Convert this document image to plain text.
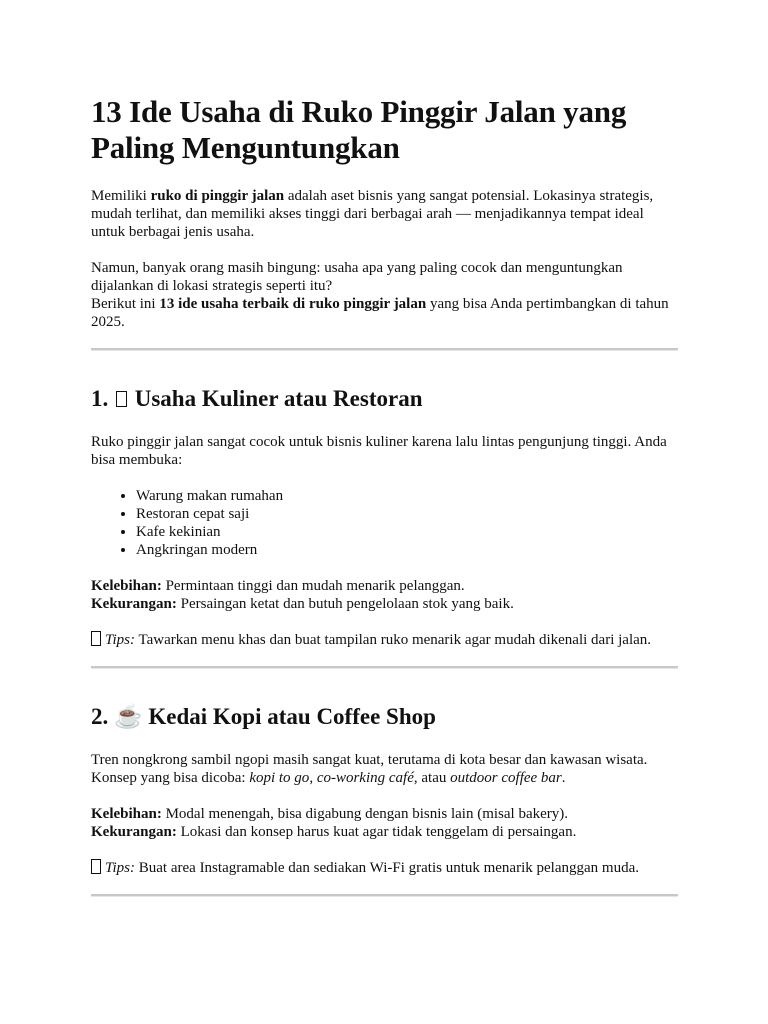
13 Ide Usaha di Ruko Pinggir Jalan yang Paling Menguntungkan

Memiliki ruko di pinggir jalan adalah aset bisnis yang sangat potensial. Lokasinya strategis, mudah terlihat, dan memiliki akses tinggi dari berbagai arah — menjadikannya tempat ideal untuk berbagai jenis usaha.

Namun, banyak orang masih bingung: usaha apa yang paling cocok dan menguntungkan dijalankan di lokasi strategis seperti itu?

Berikut ini 13 ide usaha terbaik di ruko pinggir jalan yang bisa Anda pertimbangkan di tahun 2025.

1. Usaha Kuliner atau Restoran

Ruko pinggir jalan sangat cocok untuk bisnis kuliner karena lalu lintas pengunjung tinggi. Anda bisa membuka:

• Warung makan rumahan
• Restoran cepat saji
• Kafe kekinian
• Angkringan modern

Kelebihan: Permintaan tinggi dan mudah menarik pelanggan.

Kekurangan: Persaingan ketat dan butuh pengelolaan stok yang baik.

Tips: Tawarkan menu khas dan buat tampilan ruko menarik agar mudah dikenali dari jalan.

2. ☕ Kedai Kopi atau Coffee Shop

Tren nongkrong sambil ngopi masih sangat kuat, terutama di kota besar dan kawasan wisata. Konsep yang bisa dicoba: kopi to go, co-working café, atau outdoor coffee bar.

Kelebihan: Modal menengah, bisa digabung dengan bisnis lain (misal bakery).

Kekurangan: Lokasi dan konsep harus kuat agar tidak tenggelam di persaingan.

Tips: Buat area Instagramable dan sediakan Wi-Fi gratis untuk menarik pelanggan muda.
